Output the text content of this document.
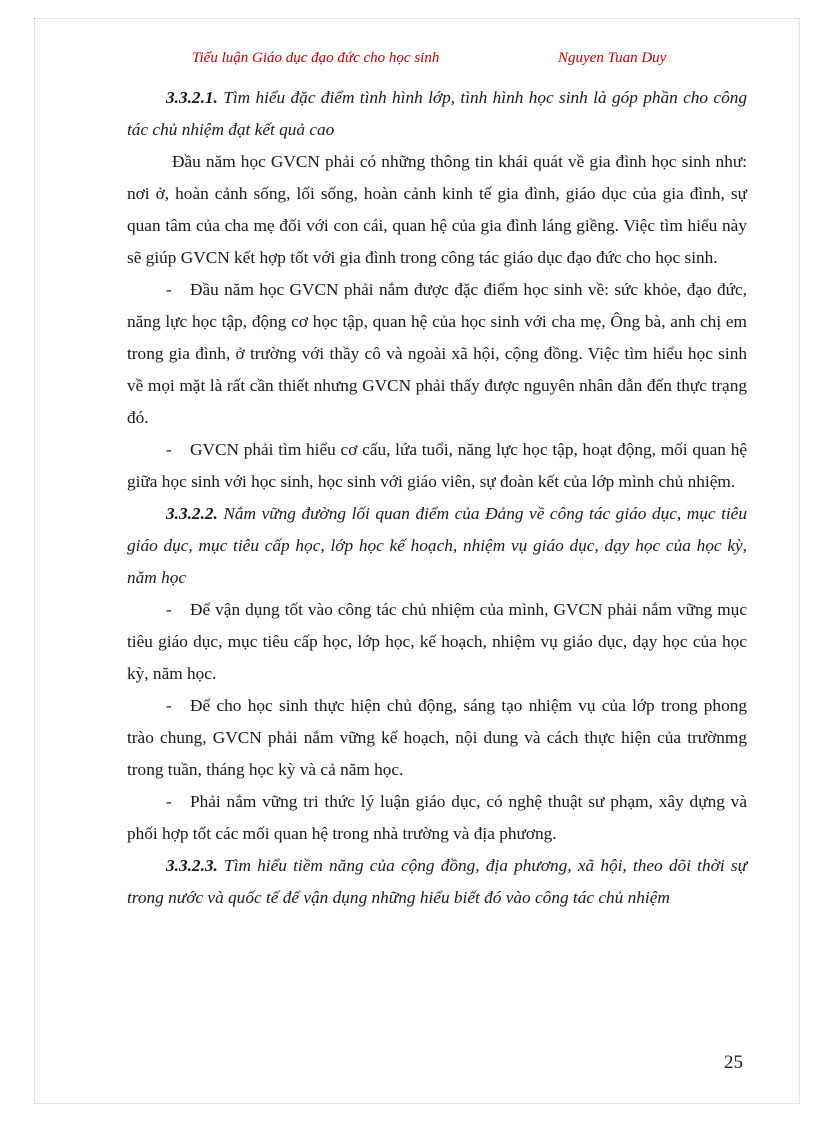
Tiểu luận Giáo dục đạo đức cho học sinh	Nguyen Tuan Duy

3.3.2.1. Tìm hiểu đặc điểm tình hình lớp, tình hình học sinh là góp phần cho công tác chủ nhiệm đạt kết quả cao

Đầu năm học GVCN phải có những thông tin khái quát về gia đình học sinh như: nơi ở, hoàn cảnh sống, lối sống, hoàn cảnh kinh tế gia đình, giáo dục của gia đình, sự quan tâm của cha mẹ đối với con cái, quan hệ của gia đình láng giềng. Việc tìm hiểu này sẽ giúp GVCN kết hợp tốt với gia đình trong công tác giáo dục đạo đức cho học sinh.

- Đầu năm học GVCN phải nắm được đặc điểm học sinh về: sức khỏe, đạo đức, năng lực học tập, động cơ học tập, quan hệ của học sinh với cha mẹ, Ông bà, anh chị em trong gia đình, ở trường với thầy cô và ngoài xã hội, cộng đồng. Việc tìm hiểu học sinh về mọi mặt là rất cần thiết nhưng GVCN phải thấy được nguyên nhân dẫn đến thực trạng đó.

- GVCN phải tìm hiểu cơ cấu, lứa tuổi, năng lực học tập, hoạt động, mối quan hệ giữa học sinh với học sinh, học sinh với giáo viên, sự đoàn kết của lớp mình chủ nhiệm.

3.3.2.2. Nắm vững đường lối quan điểm của Đảng về công tác giáo dục, mục tiêu giáo dục, mục tiêu cấp học, lớp học kế hoạch, nhiệm vụ giáo dục, dạy học của học kỳ, năm học

- Để vận dụng tốt vào công tác chủ nhiệm của mình, GVCN phải nắm vững mục tiêu giáo dục, mục tiêu cấp học, lớp học, kế hoạch, nhiệm vụ giáo dục, dạy học của học kỳ, năm học.

- Để cho học sinh thực hiện chủ động, sáng tạo nhiệm vụ của lớp trong phong trào chung, GVCN phải nắm vững kế hoạch, nội dung và cách thực hiện của trườnmg trong tuần, tháng học kỳ và cả năm học.

- Phải nắm vững tri thức lý luận giáo dục, có nghệ thuật sư phạm, xây dựng và phối hợp tốt các mối quan hệ trong nhà trường và địa phương.

3.3.2.3. Tìm hiểu tiềm năng của cộng đồng, địa phương, xã hội, theo dõi thời sự trong nước và quốc tế để vận dụng những hiểu biết đó vào công tác chủ nhiệm

25
